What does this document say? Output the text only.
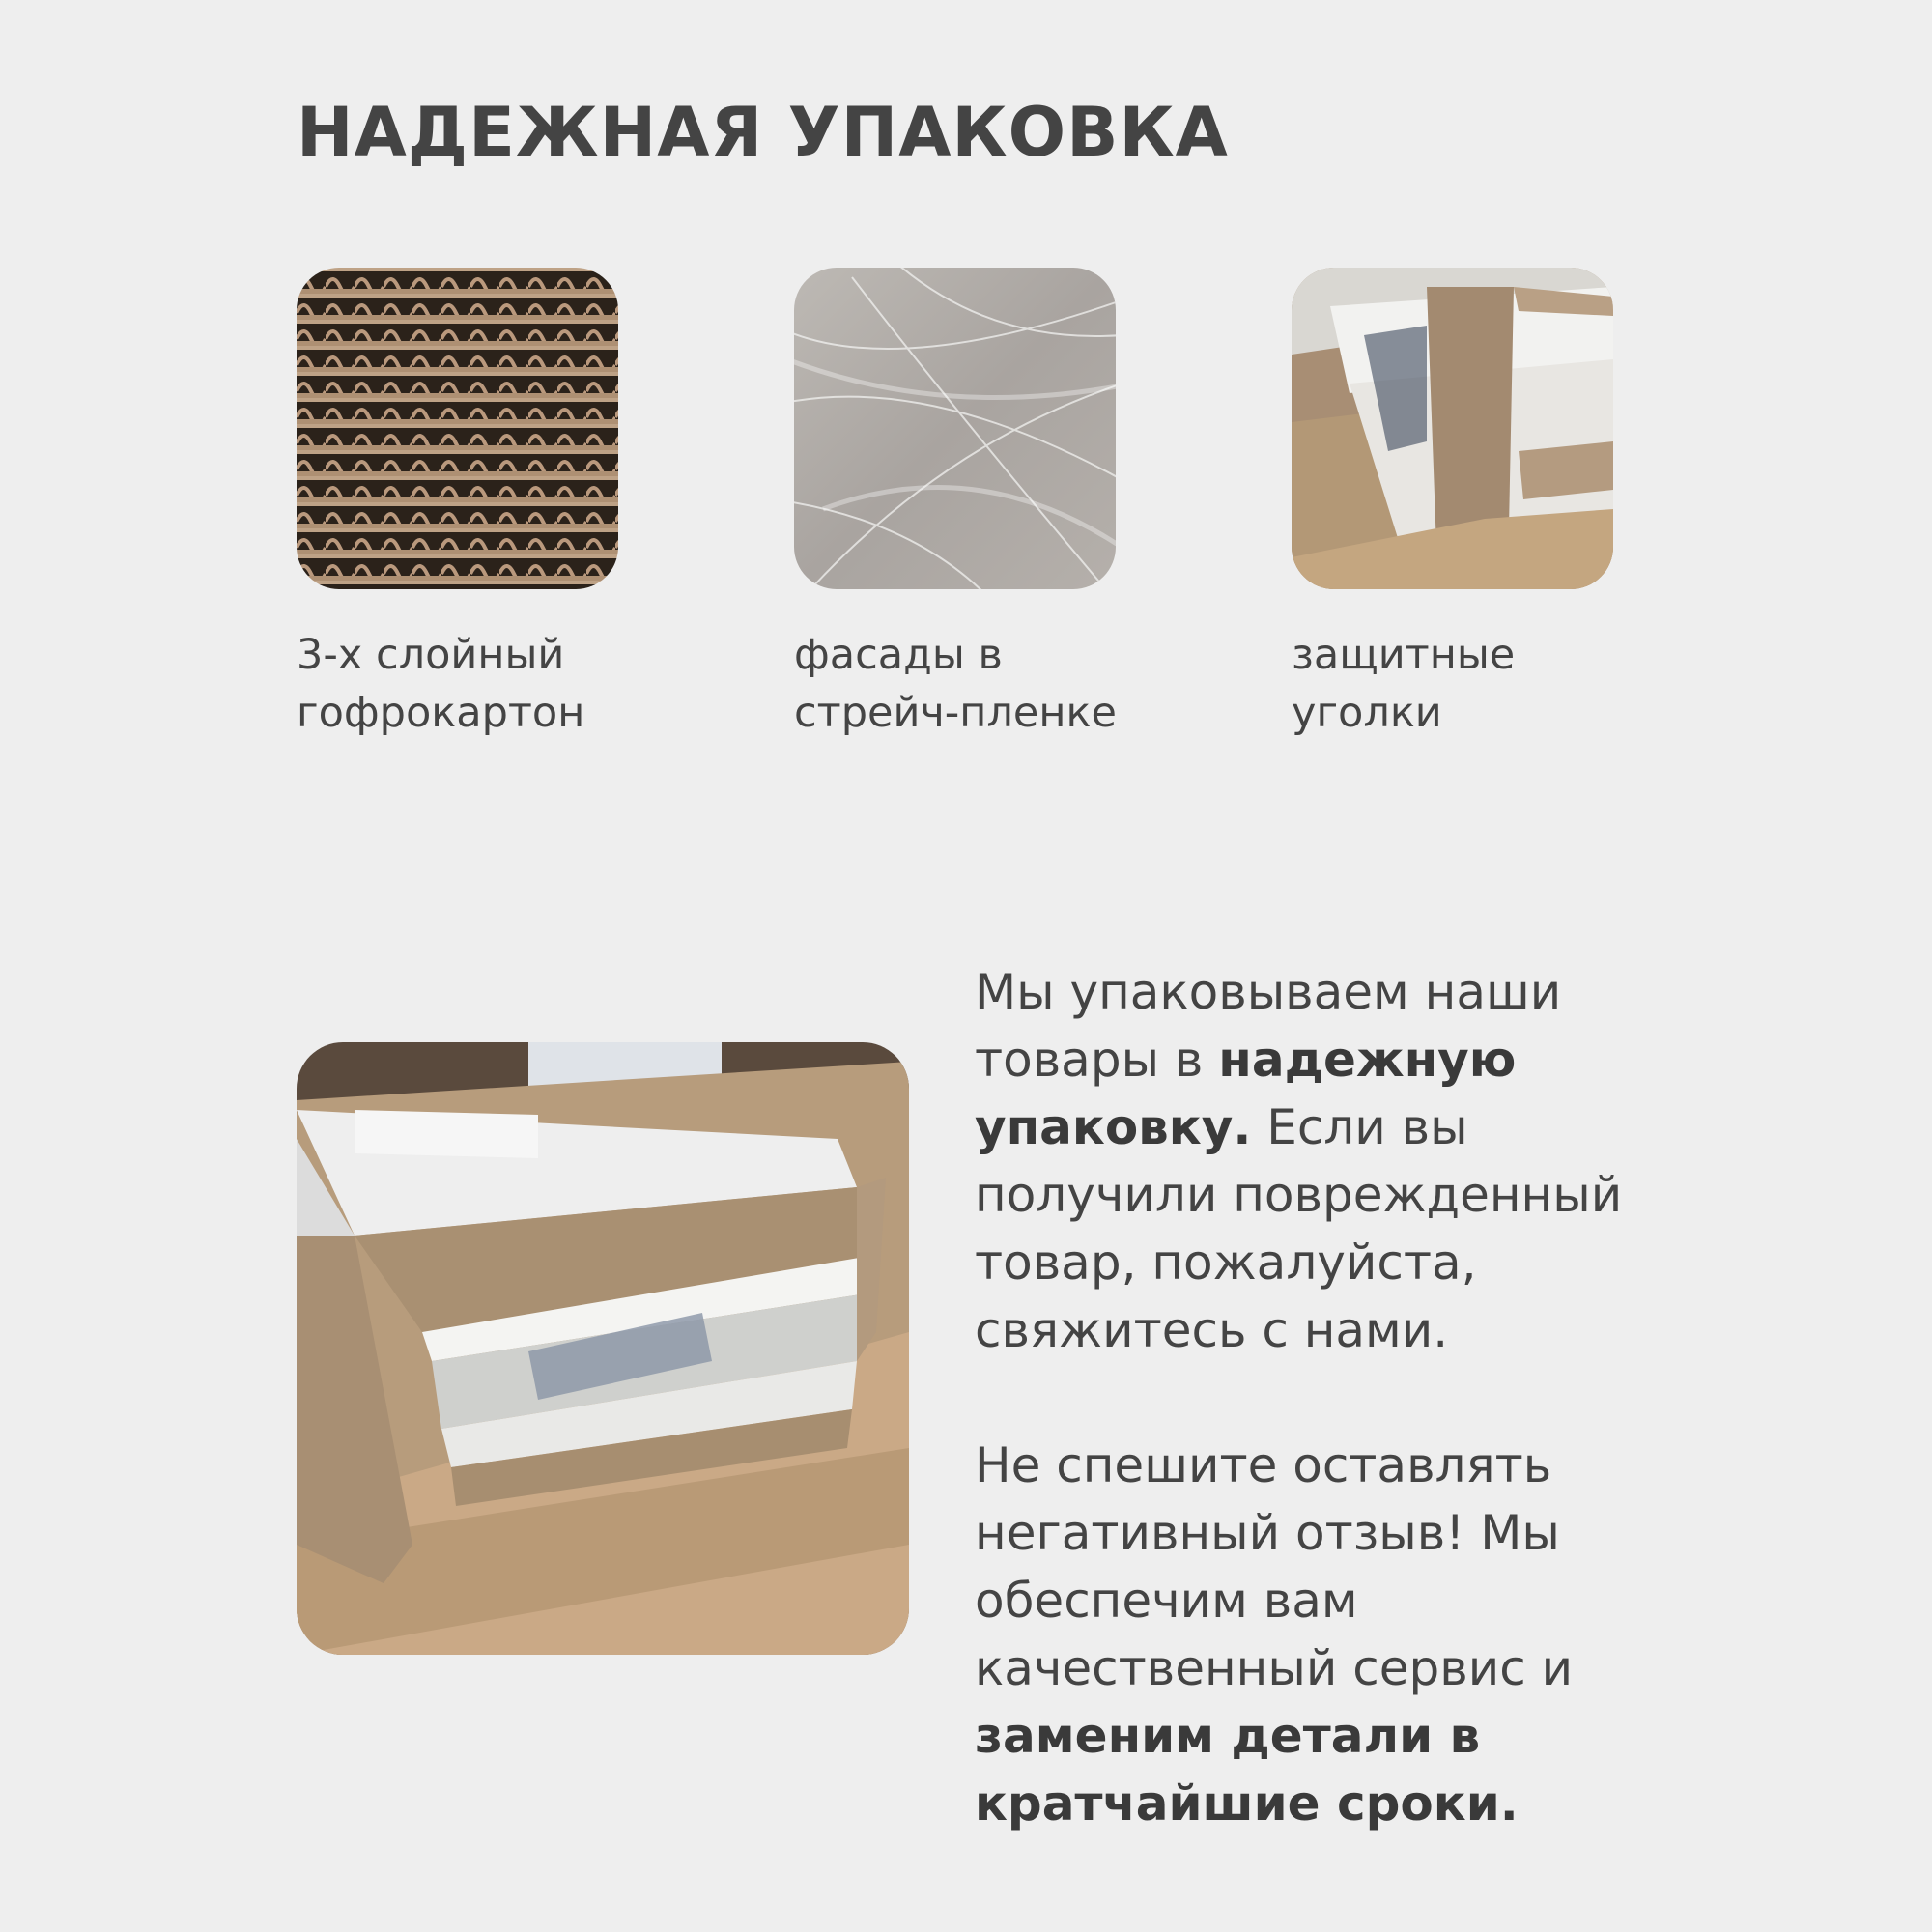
НАДЕЖНАЯ УПАКОВКА
3-х слойный
гофрокартон
фасады в
стрейч-пленке
защитные
уголки
Мы упаковываем наши
товары в надежную
упаковку. Если вы
получили поврежденный
товар, пожалуйста,
свяжитесь с нами.
Не спешите оставлять
негативный отзыв! Мы
обеспечим вам
качественный сервис и
заменим детали в
кратчайшие сроки.
